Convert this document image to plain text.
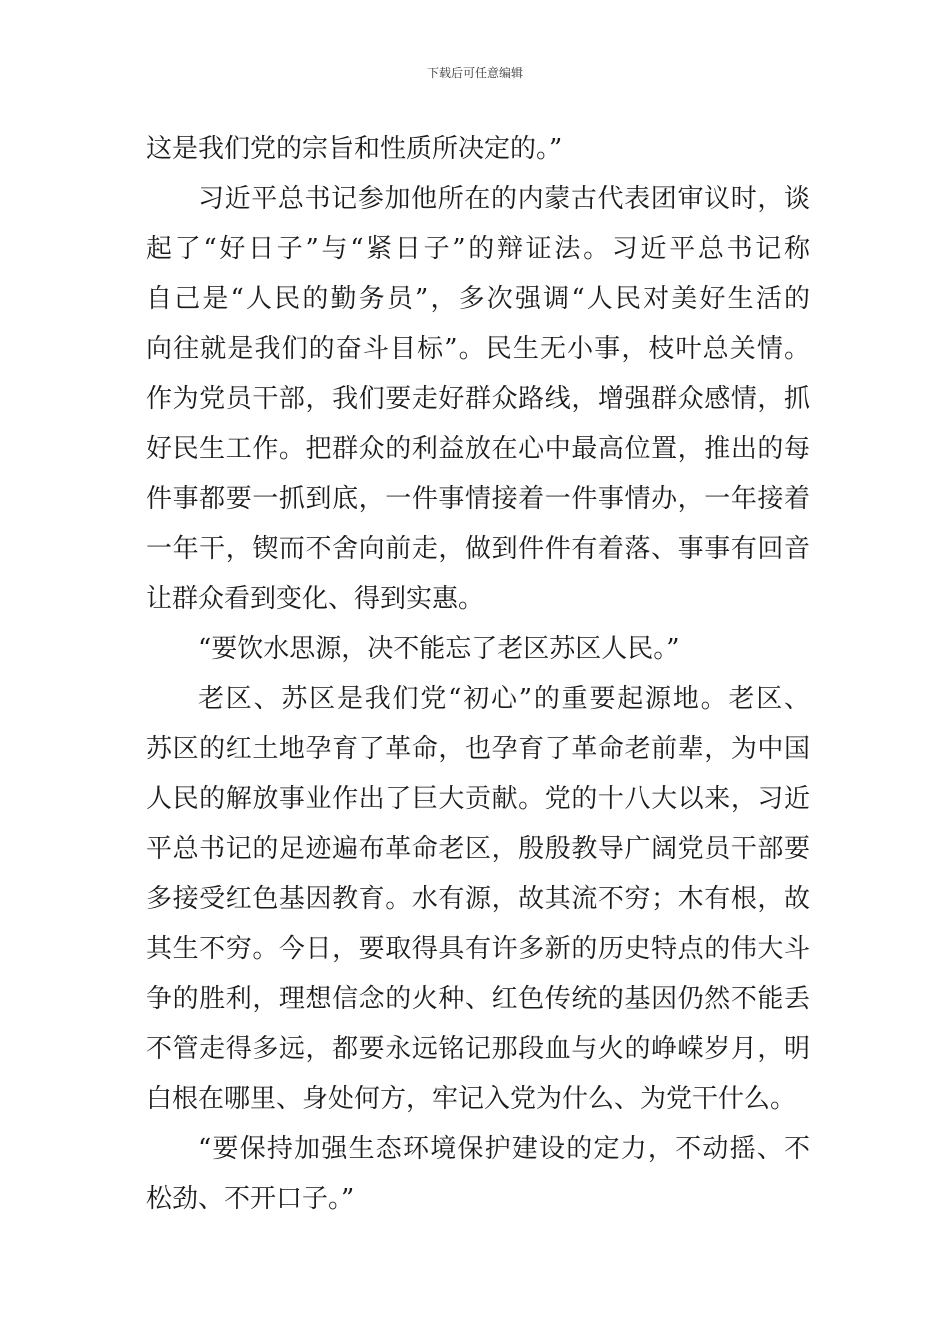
下载后可任意编辑
这是我们党的宗旨和性质所决定的。”
习近平总书记参加他所在的内蒙古代表团审议时，谈
起了“好日子”与“紧日子”的辩证法。习近平总书记称
自己是“人民的勤务员”，多次强调“人民对美好生活的
向往就是我们的奋斗目标”。民生无小事，枝叶总关情。
作为党员干部，我们要走好群众路线，增强群众感情，抓
好民生工作。把群众的利益放在心中最高位置，推出的每
件事都要一抓到底，一件事情接着一件事情办，一年接着
一年干，锲而不舍向前走，做到件件有着落、事事有回音
让群众看到变化、得到实惠。
“要饮水思源，决不能忘了老区苏区人民。”
老区、苏区是我们党“初心”的重要起源地。老区、
苏区的红土地孕育了革命，也孕育了革命老前辈，为中国
人民的解放事业作出了巨大贡献。党的十八大以来，习近
平总书记的足迹遍布革命老区，殷殷教导广阔党员干部要
多接受红色基因教育。水有源，故其流不穷；木有根，故
其生不穷。今日，要取得具有许多新的历史特点的伟大斗
争的胜利，理想信念的火种、红色传统的基因仍然不能丢
不管走得多远，都要永远铭记那段血与火的峥嵘岁月，明
白根在哪里、身处何方，牢记入党为什么、为党干什么。
“要保持加强生态环境保护建设的定力，不动摇、不
松劲、不开口子。”
